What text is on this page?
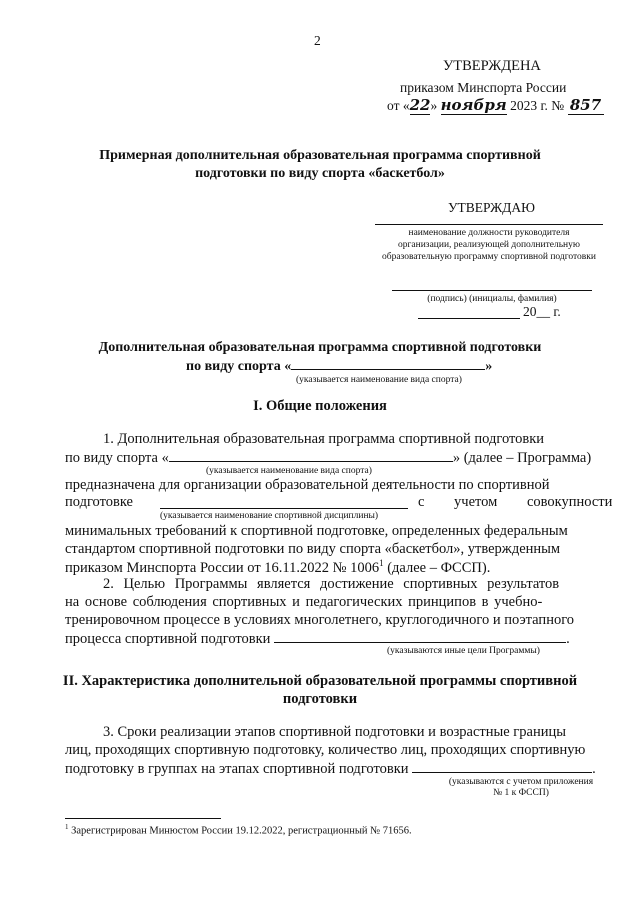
2
УТВЕРЖДЕНА
приказом Минспорта России
от «22» ноября 2023 г. № 857
Примерная дополнительная образовательная программа спортивной
подготовки по виду спорта «баскетбол»
УТВЕРЖДАЮ
наименование должности руководителя
организации, реализующей дополнительную
образовательную программу спортивной подготовки
(подпись) (инициалы, фамилия)
20__ г.
Дополнительная образовательная программа спортивной подготовки
по виду спорта «	»
(указывается наименование вида спорта)
I. Общие положения
1. Дополнительная образовательная программа спортивной подготовки
по виду спорта «	» (далее – Программа)
(указывается наименование вида спорта)
предназначена для организации образовательной деятельности по спортивной
подготовке	с учетом совокупности
(указывается наименование спортивной дисциплины)
минимальных требований к спортивной подготовке, определенных федеральным
стандартом спортивной подготовки по виду спорта «баскетбол», утвержденным
приказом Минспорта России от 16.11.2022 № 1006$^1$ (далее – ФССП).
2. Целью Программы является достижение спортивных результатов
на основе соблюдения спортивных и педагогических принципов в учебно-
тренировочном процессе в условиях многолетнего, круглогодичного и поэтапного
процесса спортивной подготовки	.
(указываются иные цели Программы)
II. Характеристика дополнительной образовательной программы спортивной
подготовки
3. Сроки реализации этапов спортивной подготовки и возрастные границы
лиц, проходящих спортивную подготовку, количество лиц, проходящих спортивную
подготовку в группах на этапах спортивной подготовки	.
(указываются с учетом приложения
№ 1 к ФССП)
$^1$ Зарегистрирован Минюстом России 19.12.2022, регистрационный № 71656.
